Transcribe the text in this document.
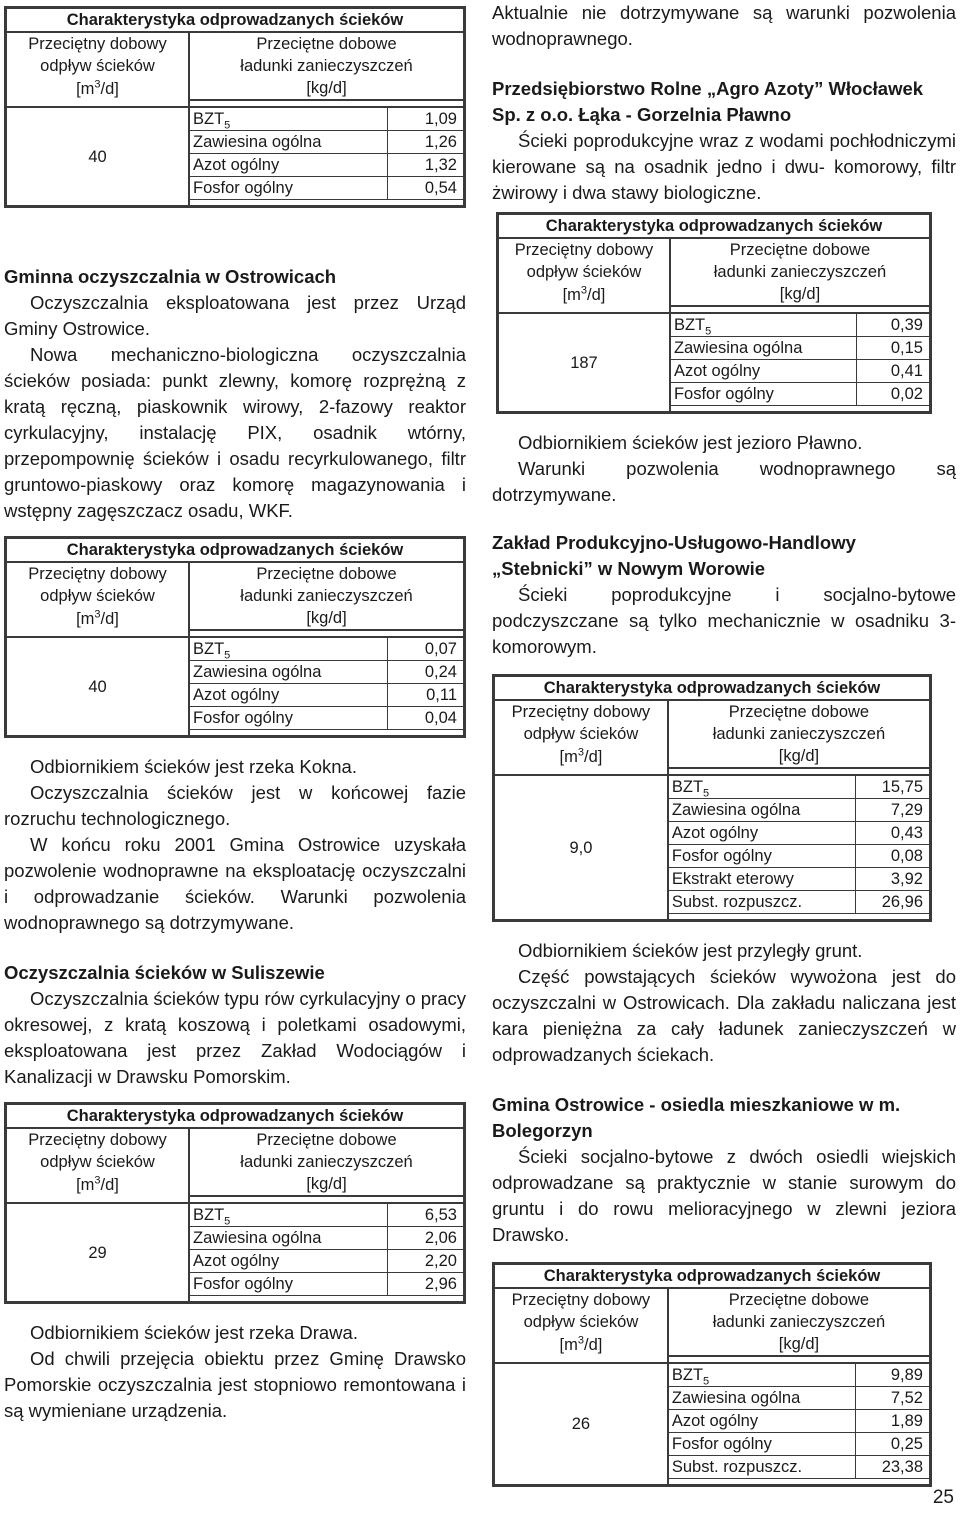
Charakterystyka odprowadzanych ścieków		
Przeciętny dobowy	Przeciętne dobowe	
odpływ ścieków	ładunki zanieczyszczeń	
$[m^3/d]$	[kg/d]	

40	$BZT_5$	1,09
	Zawiesina ogólna	1,26
	Azot ogólny	1,32
	Fosfor ogólny	0,54

Gminna oczyszczalnia w Ostrowicach

Oczyszczalnia eksploatowana jest przez Urząd Gminy Ostrowice.

Nowa mechaniczno-biologiczna oczyszczalnia ścieków posiada: punkt zlewny, komorę rozprężną z kratą ręczną, piaskownik wirowy, 2-fazowy reaktor cyrkulacyjny, instalację PIX, osadnik wtórny, przepompownię ścieków i osadu recyrkulowanego, filtr gruntowo-piaskowy oraz komorę magazynowania i wstępny zagęszczacz osadu, WKF.

Charakterystyka odprowadzanych ścieków		
Przeciętny dobowy	Przeciętne dobowe	
odpływ ścieków	ładunki zanieczyszczeń	
$[m^3/d]$	[kg/d]	

40	$BZT_5$	0,07
	Zawiesina ogólna	0,24
	Azot ogólny	0,11
	Fosfor ogólny	0,04

Odbiornikiem ścieków jest rzeka Kokna.

Oczyszczalnia ścieków jest w końcowej fazie rozruchu technologicznego.

W końcu roku 2001 Gmina Ostrowice uzyskała pozwolenie wodnoprawne na eksploatację oczyszczalni i odprowadzanie ścieków. Warunki pozwolenia wodnoprawnego są dotrzymywane.

Oczyszczalnia ścieków w Suliszewie

Oczyszczalnia ścieków typu rów cyrkulacyjny o pracy okresowej, z kratą koszową i poletkami osadowymi, eksploatowana jest przez Zakład Wodociągów i Kanalizacji w Drawsku Pomorskim.

Charakterystyka odprowadzanych ścieków		
Przeciętny dobowy	Przeciętne dobowe	
odpływ ścieków	ładunki zanieczyszczeń	
$[m^3/d]$	[kg/d]	

29	$BZT_5$	6,53
	Zawiesina ogólna	2,06
	Azot ogólny	2,20
	Fosfor ogólny	2,96

Odbiornikiem ścieków jest rzeka Drawa.

Od chwili przejęcia obiektu przez Gminę Drawsko Pomorskie oczyszczalnia jest stopniowo remontowana i są wymieniane urządzenia.

Aktualnie nie dotrzymywane są warunki pozwolenia wodnoprawnego.

Przedsiębiorstwo Rolne „Agro Azoty” Włocławek Sp. z o.o. Łąka - Gorzelnia Pławno

Ścieki poprodukcyjne wraz z wodami pochłodniczymi kierowane są na osadnik jedno i dwu- komorowy, filtr żwirowy i dwa stawy biologiczne.

Charakterystyka odprowadzanych ścieków		
Przeciętny dobowy	Przeciętne dobowe	
odpływ ścieków	ładunki zanieczyszczeń	
$[m^3/d]$	[kg/d]	

187	$BZT_5$	0,39
	Zawiesina ogólna	0,15
	Azot ogólny	0,41
	Fosfor ogólny	0,02

Odbiornikiem ścieków jest jezioro Pławno.

Warunki pozwolenia wodnoprawnego są dotrzymywane.

Zakład Produkcyjno-Usługowo-Handlowy „Stebnicki” w Nowym Worowie

Ścieki poprodukcyjne i socjalno-bytowe podczyszczane są tylko mechanicznie w osadniku 3- komorowym.

Charakterystyka odprowadzanych ścieków		
Przeciętny dobowy	Przeciętne dobowe	
odpływ ścieków	ładunki zanieczyszczeń	
$[m^3/d]$	[kg/d]	

9,0	$BZT_5$	15,75
	Zawiesina ogólna	7,29
	Azot ogólny	0,43
	Fosfor ogólny	0,08
	Ekstrakt eterowy	3,92
	Subst. rozpuszcz.	26,96

Odbiornikiem ścieków jest przyległy grunt.

Część powstających ścieków wywożona jest do oczyszczalni w Ostrowicach. Dla zakładu naliczana jest kara pieniężna za cały ładunek zanieczyszczeń w odprowadzanych ściekach.

Gmina Ostrowice - osiedla mieszkaniowe w m. Bolegorzyn

Ścieki socjalno-bytowe z dwóch osiedli wiejskich odprowadzane są praktycznie w stanie surowym do gruntu i do rowu melioracyjnego w zlewni jeziora Drawsko.

Charakterystyka odprowadzanych ścieków		
Przeciętny dobowy	Przeciętne dobowe	
odpływ ścieków	ładunki zanieczyszczeń	
$[m^3/d]$	[kg/d]	

26	$BZT_5$	9,89
	Zawiesina ogólna	7,52
	Azot ogólny	1,89
	Fosfor ogólny	0,25
	Subst. rozpuszcz.	23,38

25
